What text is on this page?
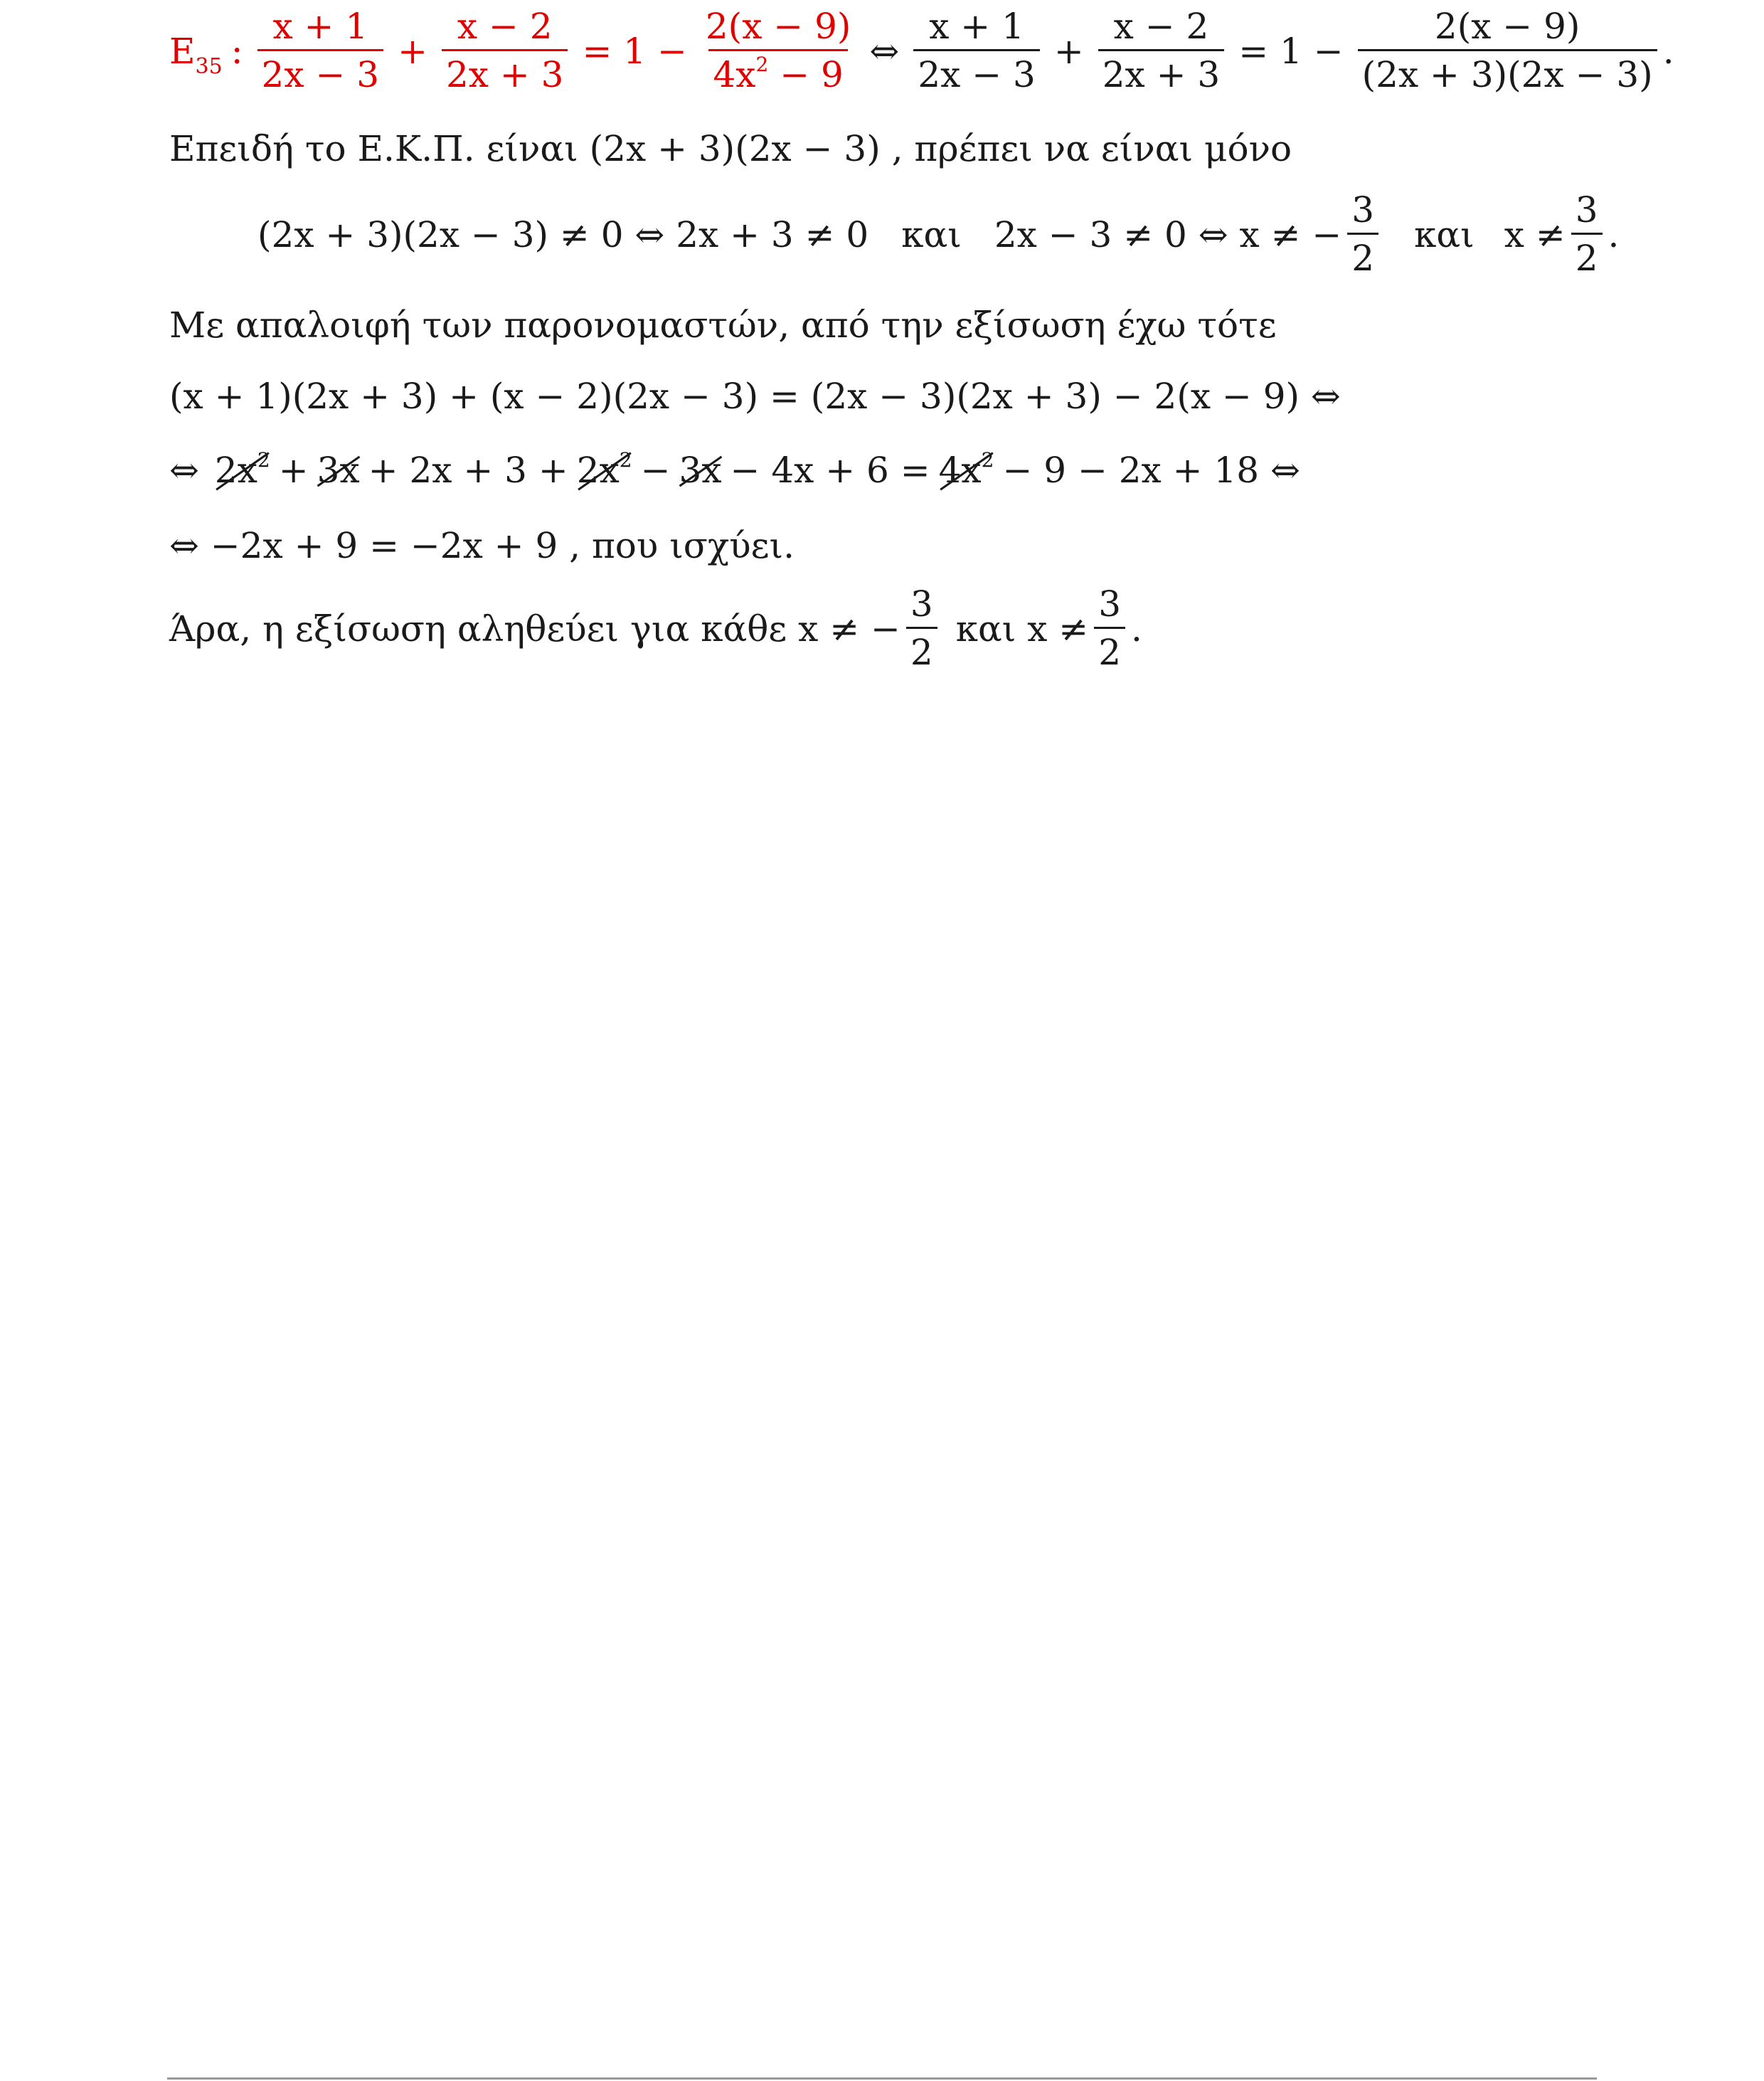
$E_{35}$ : $\frac{x + 1}{2x - 3} + \frac{x - 2}{2x + 3} = 1 - \frac{2(x - 9)}{4x^2 - 9}$ ⇔ $\frac{x + 1}{2x - 3} + \frac{x - 2}{2x + 3} = 1 - \frac{2(x - 9)}{(2x + 3)(2x - 3)}$ .
Επειδή το Ε.Κ.Π. είναι (2x + 3)(2x − 3) , πρέπει να είναι μόνο
(2x + 3)(2x − 3) ≠ 0 ⇔ 2x + 3 ≠ 0 και 2x − 3 ≠ 0 ⇔ x ≠ − $\frac{3}{2}$ και $x \ne \frac{3}{2}$ .
Με απαλοιφή των παρονομαστών, από την εξίσωση έχω τότε
(x + 1)(2x + 3) + (x − 2)(2x − 3) = (2x − 3)(2x + 3) − 2(x − 9) ⇔
⇔ $2x^2 + 3x + 2x + 3 + 2x^2 - 3x - 4x + 6 = 4x^2 - 9 - 2x + 18$ ⇔
⇔ −2x + 9 = −2x + 9 , που ισχύει.
Άρα, η εξίσωση αληθεύει για κάθε x ≠ − $\frac{3}{2}$ και $x \ne \frac{3}{2}$ .
